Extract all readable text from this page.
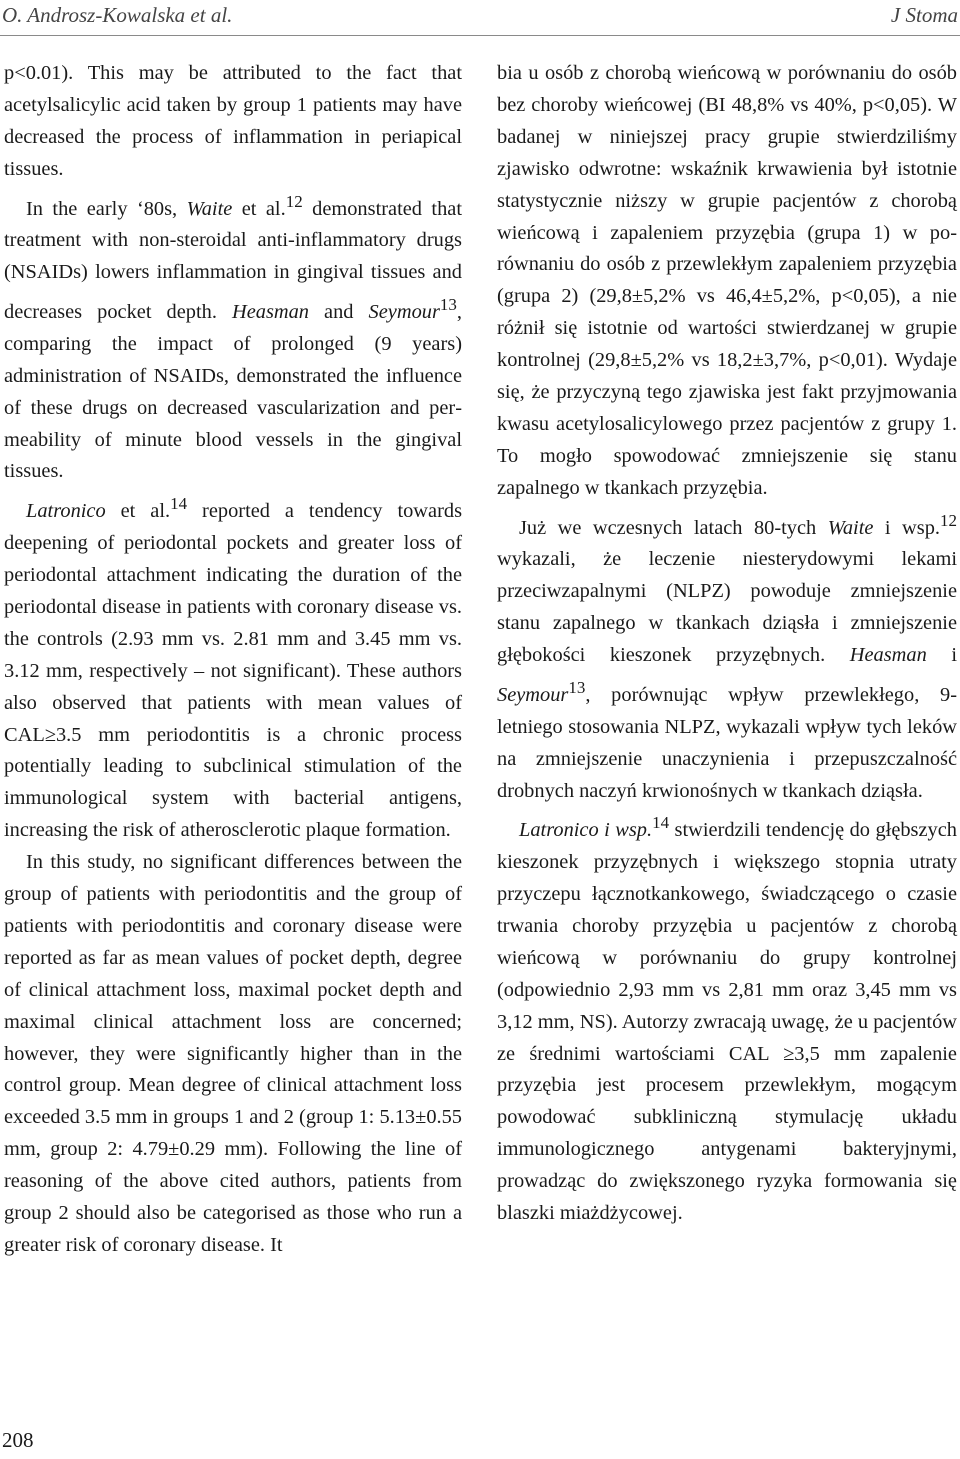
O. Androsz-Kowalska et al.	J Stoma

p<0.01). This may be attributed to the fact that acetylsalicylic acid taken by group 1 patients may have decreased the process of inflammation in periapical tissues.

In the early ‘80s, Waite et al.$^{12}$ demonstrated that treatment with non-steroidal anti-inflammatory drugs (NSAIDs) lowers inflammation in gingival tissues and decreases pocket depth. Heasman and Seymour$^{13}$, comparing the impact of prolonged (9 years) administration of NSAIDs, demonstrated the influence of these drugs on decreased vascularization and permeability of minute blood vessels in the gingival tissues.

Latronico et al.$^{14}$ reported a tendency towards deepening of periodontal pockets and greater loss of periodontal attachment indicating the duration of the periodontal disease in patients with coronary disease vs. the controls (2.93 mm vs. 2.81 mm and 3.45 mm vs. 3.12 mm, respectively – not significant). These authors also observed that patients with mean values of CAL≥3.5 mm periodontitis is a chronic process potentially leading to subclinical stimulation of the immunological system with bacterial antigens, increasing the risk of atherosclerotic plaque formation.

In this study, no significant differences between the group of patients with periodontitis and the group of patients with periodontitis and coronary disease were reported as far as mean values of pocket depth, degree of clinical attachment loss, maximal pocket depth and maximal clinical attachment loss are concerned; however, they were significantly higher than in the control group. Mean degree of clinical attachment loss exceeded 3.5 mm in groups 1 and 2 (group 1: 5.13±0.55 mm, group 2: 4.79±0.29 mm). Following the line of reasoning of the above cited authors, patients from group 2 should also be categorised as those who run a greater risk of coronary disease. It

bia u osób z chorobą wieńcową w porównaniu do osób bez choroby wieńcowej (BI 48,8% vs 40%, p<0,05). W badanej w niniejszej pracy grupie stwierdziliśmy zjawisko odwrotne: wskaźnik krwawienia był istotnie statystycznie niższy w grupie pacjentów z chorobą wieńcową i zapaleniem przyzębia (grupa 1) w porównaniu do osób z przewlekłym zapaleniem przyzębia (grupa 2) (29,8±5,2% vs 46,4±5,2%, p<0,05), a nie różnił się istotnie od wartości stwierdzanej w grupie kontrolnej (29,8±5,2% vs 18,2±3,7%, p<0,01). Wydaje się, że przyczyną tego zjawiska jest fakt przyjmowania kwasu acetylosalicylowego przez pacjentów z grupy 1. To mogło spowodować zmniejszenie się stanu zapalnego w tkankach przyzębia.

Już we wczesnych latach 80-tych Waite i wsp.$^{12}$ wykazali, że leczenie niesterydowymi lekami przeciwzapalnymi (NLPZ) powoduje zmniejszenie stanu zapalnego w tkankach dziąsła i zmniejszenie głębokości kieszonek przyzębnych. Heasman i Seymour$^{13}$, porównując wpływ przewlekłego, 9-letniego stosowania NLPZ, wykazali wpływ tych leków na zmniejszenie unaczynienia i przepuszczalność drobnych naczyń krwionośnych w tkankach dziąsła.

Latronico i wsp.$^{14}$ stwierdzili tendencję do głębszych kieszonek przyzębnych i większego stopnia utraty przyczepu łącznotkankowego, świadczącego o czasie trwania choroby przyzębia u pacjentów z chorobą wieńcową w porównaniu do grupy kontrolnej (odpowiednio 2,93 mm vs 2,81 mm oraz 3,45 mm vs 3,12 mm, NS). Autorzy zwracają uwagę, że u pacjentów ze średnimi wartościami CAL ≥3,5 mm zapalenie przyzębia jest procesem przewlekłym, mogącym powodować subkliniczną stymulację układu immunologicznego antygenami bakteryjnymi, prowadząc do zwiększonego ryzyka formowania się blaszki miażdżycowej.

208
